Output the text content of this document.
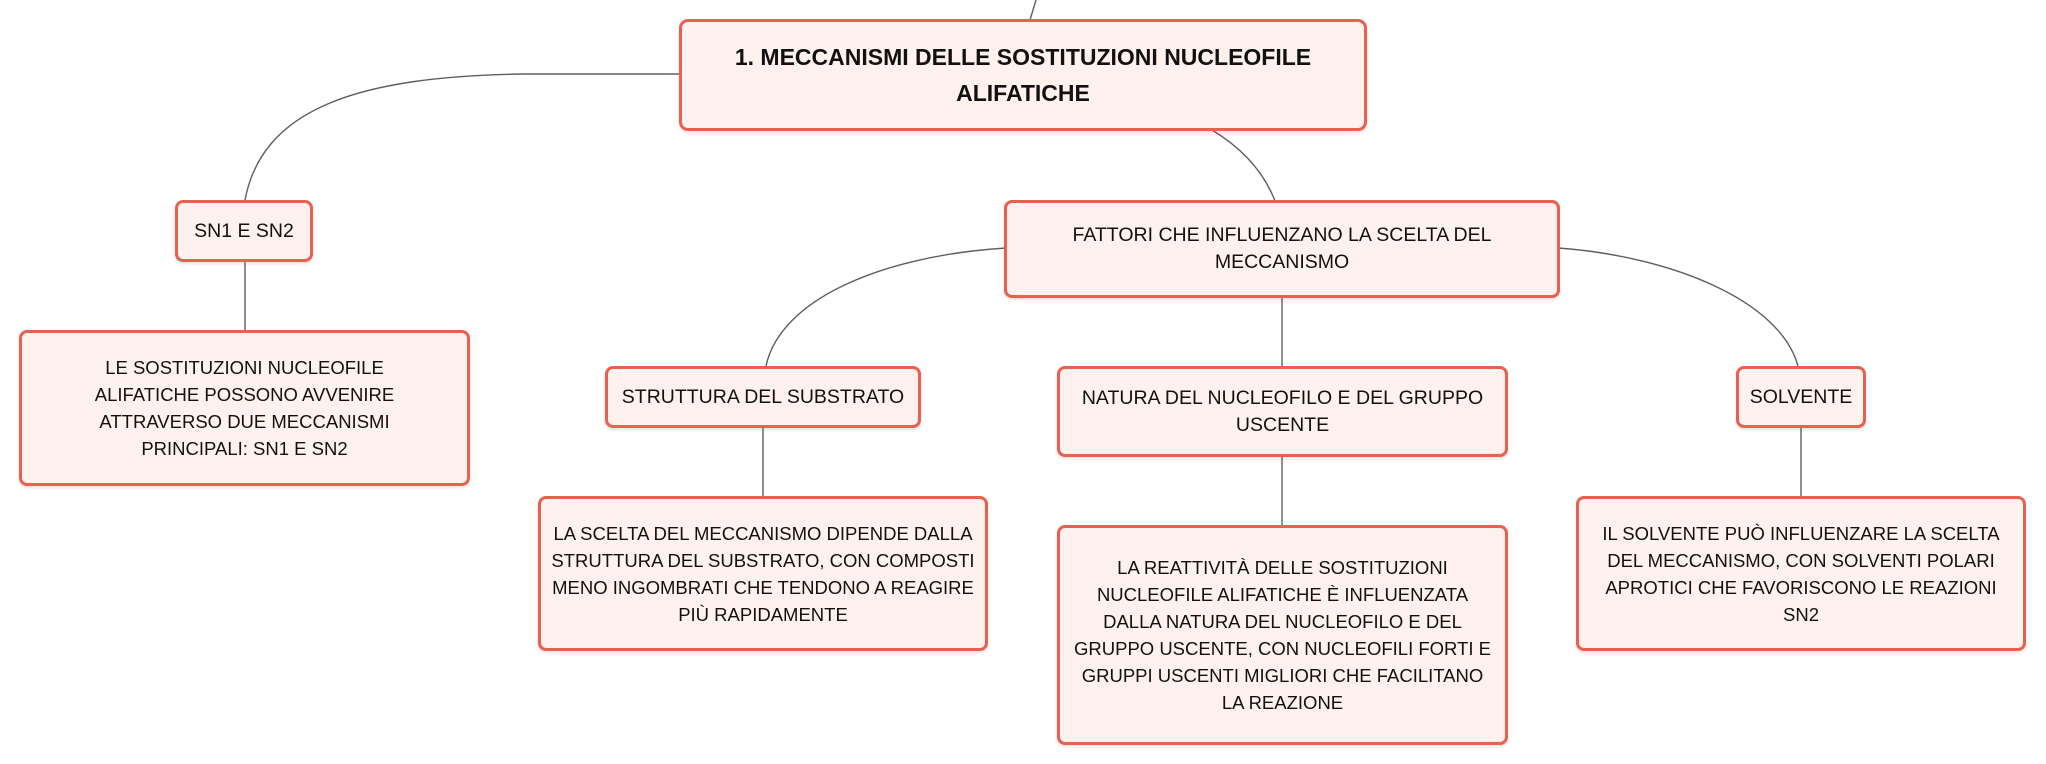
1. MECCANISMI DELLE SOSTITUZIONI NUCLEOFILE ALIFATICHE
SN1 E SN2
LE SOSTITUZIONI NUCLEOFILE ALIFATICHE POSSONO AVVENIRE ATTRAVERSO DUE MECCANISMI PRINCIPALI: SN1 E SN2
FATTORI CHE INFLUENZANO LA SCELTA DEL MECCANISMO
STRUTTURA DEL SUBSTRATO	NATURA DEL NUCLEOFILO E DEL GRUPPO USCENTE
SOLVENTE
LA SCELTA DEL MECCANISMO DIPENDE DALLA STRUTTURA DEL SUBSTRATO, CON COMPOSTI MENO INGOMBRATI CHE TENDONO A REAGIRE PIÙ RAPIDAMENTE
LA REATTIVITÀ DELLE SOSTITUZIONI NUCLEOFILE ALIFATICHE È INFLUENZATA DALLA NATURA DEL NUCLEOFILO E DEL GRUPPO USCENTE, CON NUCLEOFILI FORTI E GRUPPI USCENTI MIGLIORI CHE FACILITANO LA REAZIONE
IL SOLVENTE PUÒ INFLUENZARE LA SCELTA DEL MECCANISMO, CON SOLVENTI POLARI APROTICI CHE FAVORISCONO LE REAZIONI SN2
